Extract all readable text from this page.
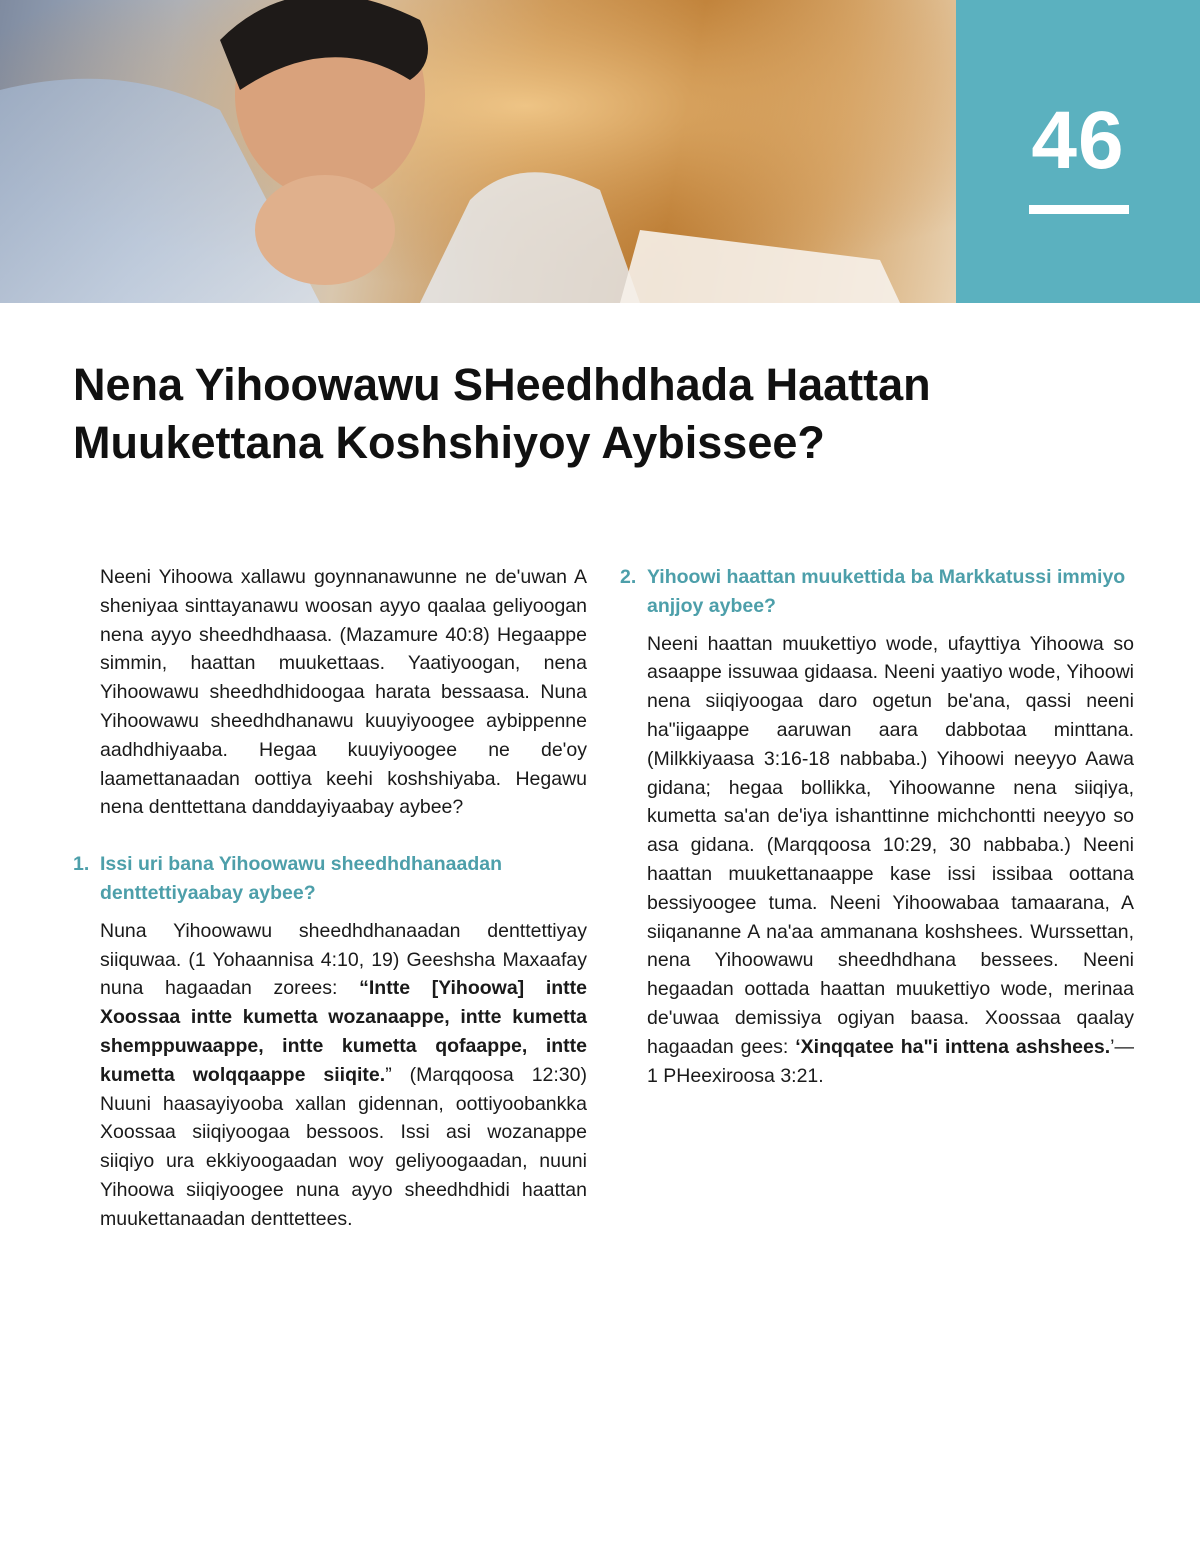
46
Nena Yihoowawu SHeedhdhada Haattan Muukettana Koshshiyoy Aybissee?

Neeni Yihoowa xallawu goynnanawunne ne de'uwan A sheniyaa sinttayanawu woosan ayyo qaalaa geliyoogan nena ayyo sheedhdhaasa. (Mazamure 40:8) Hegaappe simmin, haattan muukettaas. Yaatiyoogan, nena Yihoowawu sheedhdhidoogaa harata bessaasa. Nuna Yihoowawu sheedhdhanawu kuuyiyoogee aybippenne aadhdhiyaaba. Hegaa kuuyiyoogee ne de'oy laamettanaadan oottiya keehi koshshiyaba. Hegawu nena denttettana danddayiyaabay aybee?

1. Issi uri bana Yihoowawu sheedhdhanaadan denttettiyaabay aybee?

Nuna Yihoowawu sheedhdhanaadan denttettiyay siiquwaa. (1 Yohaannisa 4:10, 19) Geeshsha Maxaafay nuna hagaadan zorees: “Intte [Yihoowa] intte Xoossaa intte kumetta wozanaappe, intte kumetta shemppuwaappe, intte kumetta qofaappe, intte kumetta wolqqaappe siiqite.” (Marqqoosa 12:30) Nuuni haasayiyooba xallan gidennan, oottiyoobankka Xoossaa siiqiyoogaa bessoos. Issi asi wozanappe siiqiyo ura ekkiyoogaadan woy geliyoogaadan, nuuni Yihoowa siiqiyoogee nuna ayyo sheedhdhidi haattan muukettanaadan denttettees.

2. Yihoowi haattan muukettida ba Markkatussi immiyo anjjoy aybee?

Neeni haattan muukettiyo wode, ufayttiya Yihoowa so asaappe issuwaa gidaasa. Neeni yaatiyo wode, Yihoowi nena siiqiyoogaa daro ogetun be'ana, qassi neeni ha"iigaappe aaruwan aara dabbotaa minttana. (Milkkiyaasa 3:16-18 nabbaba.) Yihoowi neeyyo Aawa gidana; hegaa bollikka, Yihoowanne nena siiqiya, kumetta sa'an de'iya ishanttinne michchontti neeyyo so asa gidana. (Marqqoosa 10:29, 30 nabbaba.) Neeni haattan muukettanaappe kase issi issibaa oottana bessiyoogee tuma. Neeni Yihoowabaa tamaarana, A siiqananne A na'aa ammanana koshshees. Wurssettan, nena Yihoowawu sheedhdhana bessees. Neeni hegaadan oottada haattan muukettiyo wode, merinaa de'uwaa demissiya ogiyan baasa. Xoossaa qaalay hagaadan gees: ‘Xinqqatee ha"i inttena ashshees.’—1 PHeexiroosa 3:21.
